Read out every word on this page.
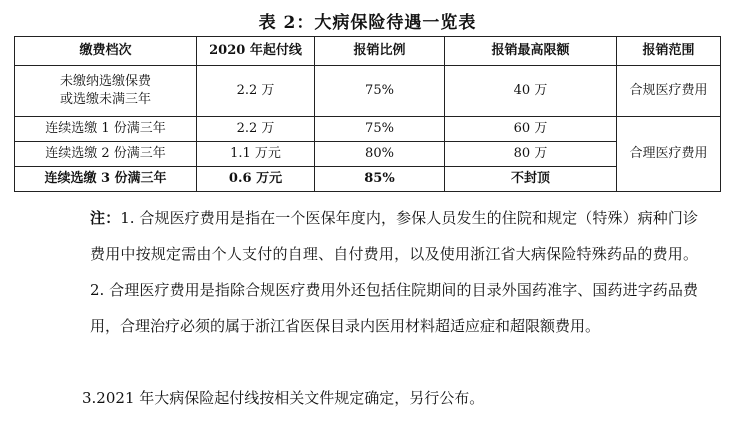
表 2：大病保险待遇一览表
缴费档次	2020 年起付线	报销比例	报销最高限额	报销范围
未缴纳选缴保费
或选缴未满三年	2.2 万	75%	40 万	合规医疗费用
连续选缴 1 份满三年	2.2 万	75%	60 万	合理医疗费用
连续选缴 2 份满三年	1.1 万元	80%	80 万	
连续选缴 3 份满三年	0.6 万元	85%	不封顶	
注：1. 合规医疗费用是指在一个医保年度内，参保人员发生的住院和规定（特殊）病种门诊费用中按规定需由个人支付的自理、自付费用，以及使用浙江省大病保险特殊药品的费用。2. 合理医疗费用是指除合规医疗费用外还包括住院期间的目录外国药准字、国药进字药品费用，合理治疗必须的属于浙江省医保目录内医用材料超适应症和超限额费用。
3.2021 年大病保险起付线按相关文件规定确定，另行公布。
